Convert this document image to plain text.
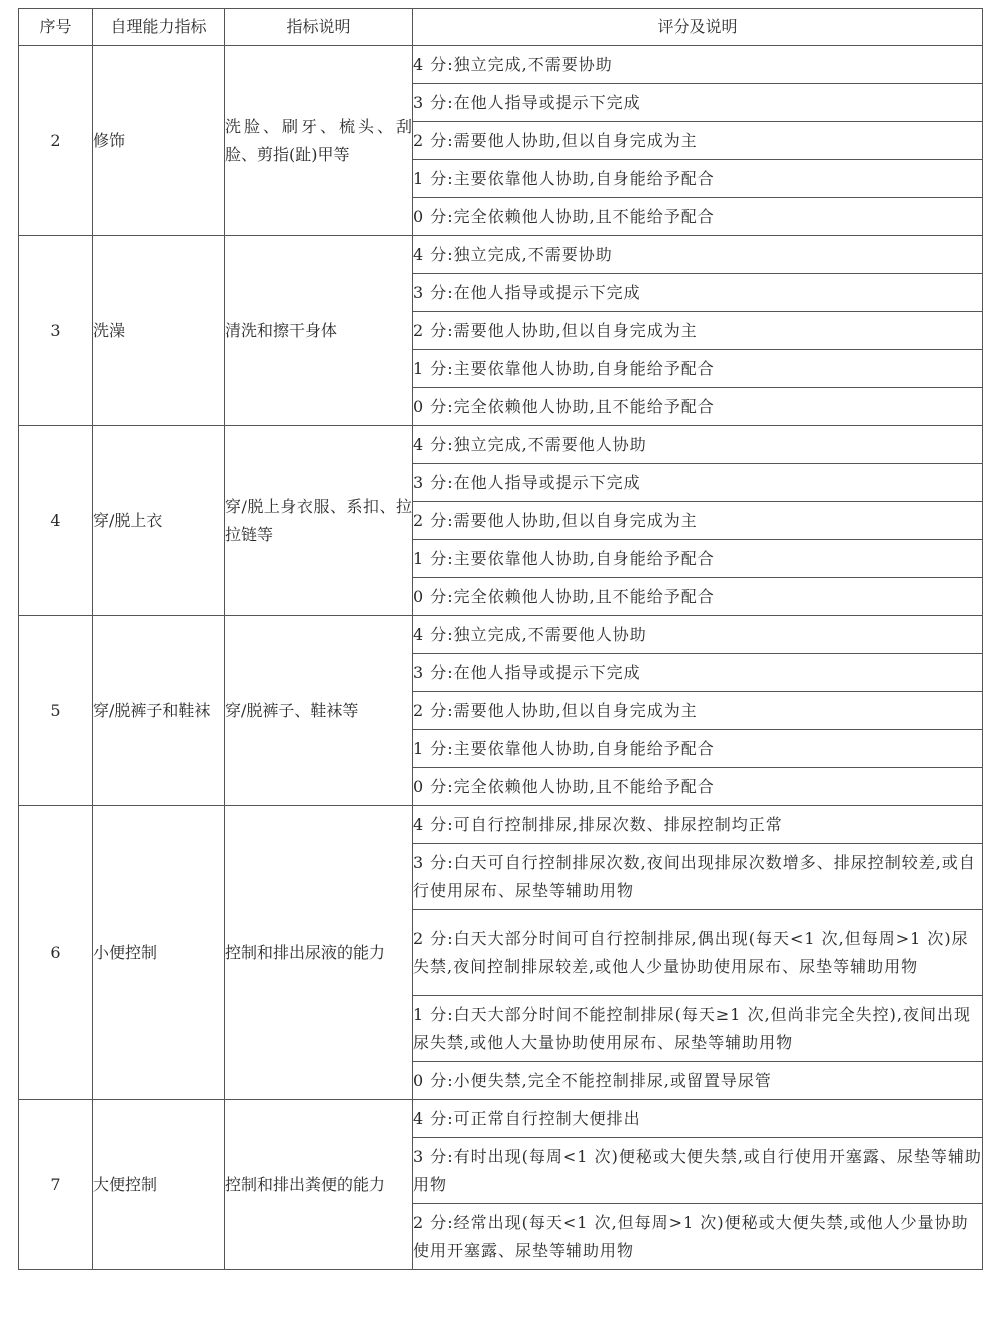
序号	自理能力指标	指标说明	评分及说明
2	修饰	洗脸、刷牙、梳头、刮脸、剪指(趾)甲等	4 分:独立完成,不需要协助
			3 分:在他人指导或提示下完成
			2 分:需要他人协助,但以自身完成为主
			1 分:主要依靠他人协助,自身能给予配合
			0 分:完全依赖他人协助,且不能给予配合
3	洗澡	清洗和擦干身体	4 分:独立完成,不需要协助
			3 分:在他人指导或提示下完成
			2 分:需要他人协助,但以自身完成为主
			1 分:主要依靠他人协助,自身能给予配合
			0 分:完全依赖他人协助,且不能给予配合
4	穿/脱上衣	穿/脱上身衣服、系扣、拉拉链等	4 分:独立完成,不需要他人协助
			3 分:在他人指导或提示下完成
			2 分:需要他人协助,但以自身完成为主
			1 分:主要依靠他人协助,自身能给予配合
			0 分:完全依赖他人协助,且不能给予配合
5	穿/脱裤子和鞋袜	穿/脱裤子、鞋袜等	4 分:独立完成,不需要他人协助
			3 分:在他人指导或提示下完成
			2 分:需要他人协助,但以自身完成为主
			1 分:主要依靠他人协助,自身能给予配合
			0 分:完全依赖他人协助,且不能给予配合
6	小便控制	控制和排出尿液的能力	4 分:可自行控制排尿,排尿次数、排尿控制均正常
			3 分:白天可自行控制排尿次数,夜间出现排尿次数增多、排尿控制较差,或自行使用尿布、尿垫等辅助用物
			2 分:白天大部分时间可自行控制排尿,偶出现(每天<1 次,但每周>1 次)尿失禁,夜间控制排尿较差,或他人少量协助使用尿布、尿垫等辅助用物
			1 分:白天大部分时间不能控制排尿(每天≥1 次,但尚非完全失控),夜间出现尿失禁,或他人大量协助使用尿布、尿垫等辅助用物
			0 分:小便失禁,完全不能控制排尿,或留置导尿管
7	大便控制	控制和排出粪便的能力	4 分:可正常自行控制大便排出
			3 分:有时出现(每周<1 次)便秘或大便失禁,或自行使用开塞露、尿垫等辅助用物
			2 分:经常出现(每天<1 次,但每周>1 次)便秘或大便失禁,或他人少量协助使用开塞露、尿垫等辅助用物
